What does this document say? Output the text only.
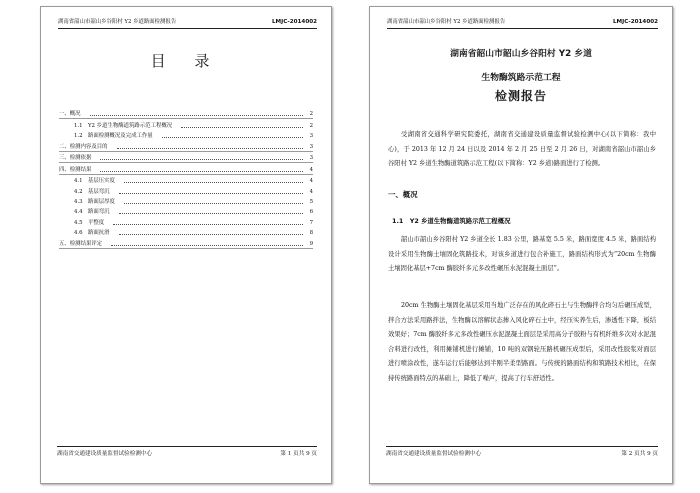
湖南省韶山市韶山乡谷阳村 Y2 乡道路面检测报告	LMJC-2014002
目 录
一、概况	2
1.1　Y2 乡道生物酶道筑路示范工程概况	2
1.2　路面检测概况及完成工作量	3
二、检测内容及目的	3
三、检测依据	3
四、检测结果	4
4.1　基层压实度	4
4.2　基层弯沉	4
4.3　路面层厚度	5
4.4　路面弯沉	6
4.5　平整度	7
4.6　路面抗滑	8
五、检测结果评定	9
湖南省交通建设质量监督试验检测中心	第 1 页共 9 页
湖南省韶山市韶山乡谷阳村 Y2 乡道路面检测报告	LMJC-2014002
湖南省韶山市韶山乡谷阳村 Y2 乡道
生物酶筑路示范工程
检测报告
受湖南省交通科学研究院委托，湖南省交通建设质量监督试验检测中心(以下简称：我中心)，于 2013 年 12 月 24 日以及 2014 年 2 月 25 日至 2 月 26 日，对湖南省韶山市韶山乡谷阳村 Y2 乡道生物酶道筑路示范工程(以下简称：Y2 乡道)路面进行了检测。
一、概况
1.1　Y2 乡道生物酶道筑路示范工程概况
韶山市韶山乡谷阳村 Y2 乡道全长 1.83 公里，路基宽 5.5 米，路面宽度 4.5 米，路面结构设计采用生物酶土壤固化筑路技术，对该乡道进行包合补施工，路面结构形式为“20cm 生物酶土壤固化基层+7cm 酶胶纤多元多改性碾压水泥混凝土面层”。
20cm 生物酶土壤固化基层采用当地广泛存在的风化碎石土与生物酶拌合均匀后碾压成型，拌合方法采用路拌法，生物酶以溶解状态掺入风化碎石土中，经压实养生后，渗透性下降，板结效果好；7cm 酶胶纤多元多改性碾压水泥混凝土面层是采用高分子胶粉与有机纤维多次对水泥混合料进行改性，利用摊铺机进行摊铺，10 吨的双钢轮压路机碾压成型后，采用改性胶浆对面层进行喷涂改性，遂车运行后能够达到半刚半柔型路面。与传统的路面结构和筑路技术相比，在保持传统路面特点的基础上，降低了噪声，提高了行车舒适性。
湖南省交通建设质量监督试验检测中心	第 2 页共 9 页
